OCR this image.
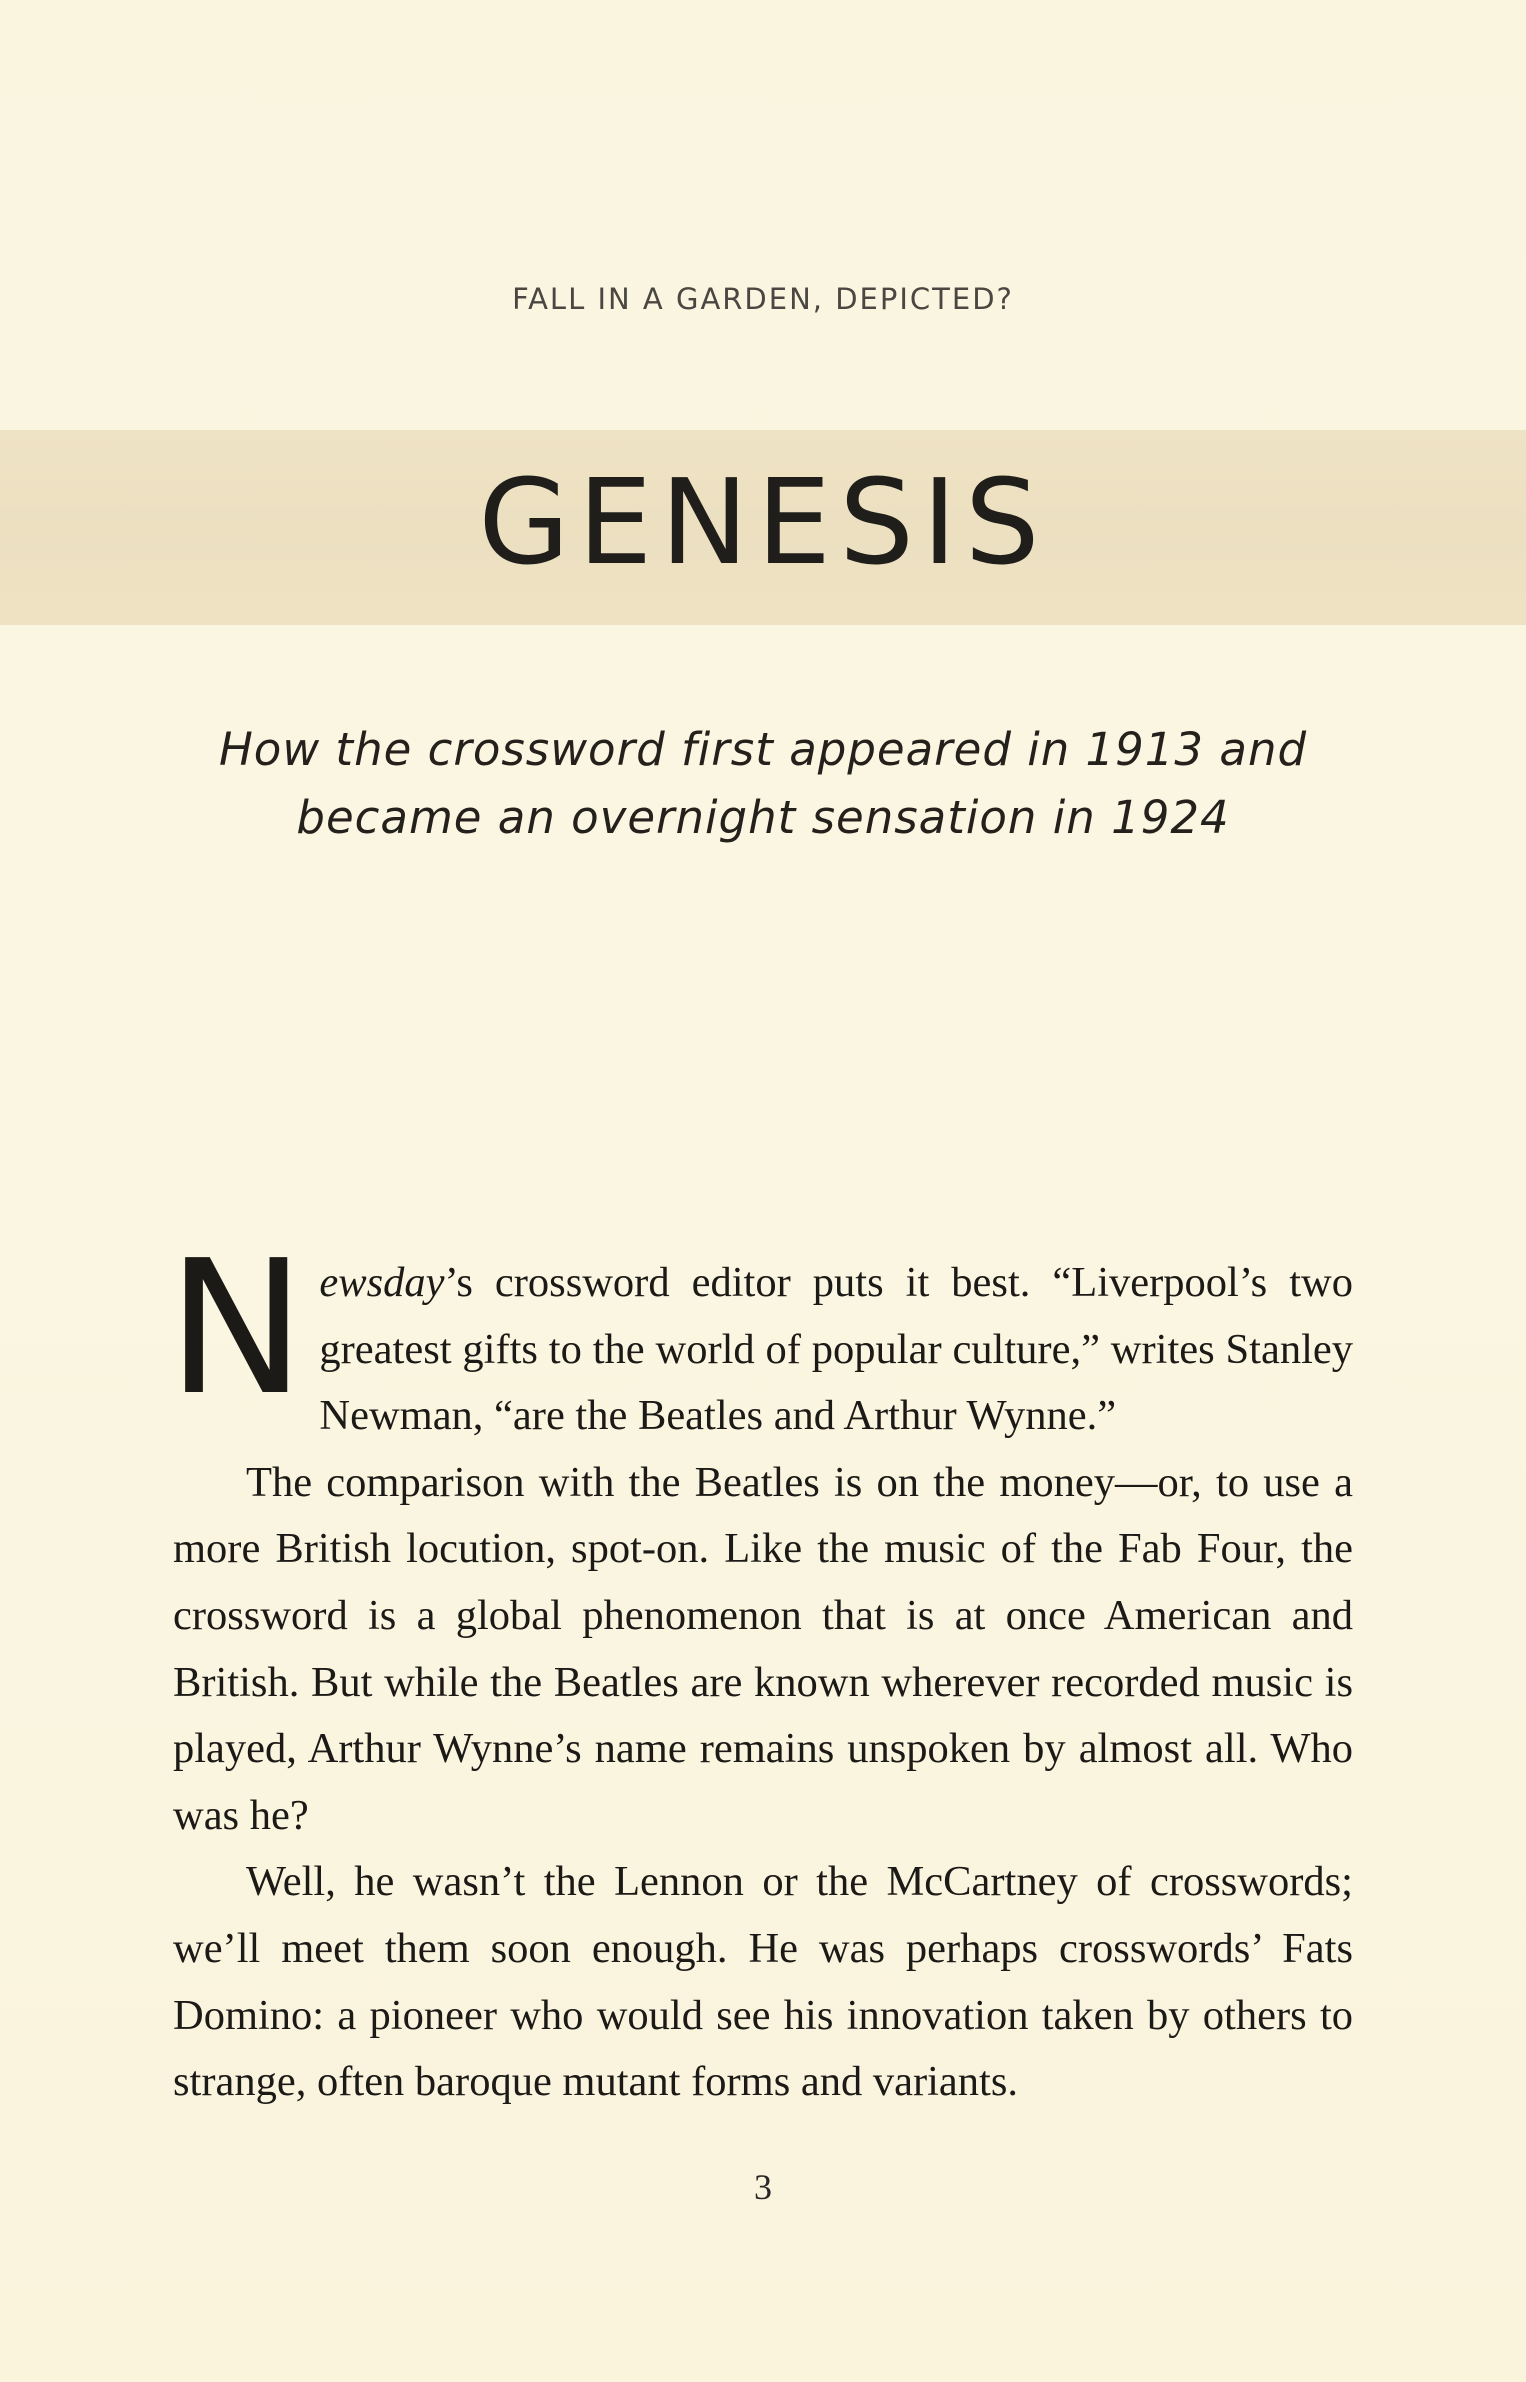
FALL IN A GARDEN, DEPICTED?
GENESIS
How the crossword first appeared in 1913 and became an overnight sensation in 1924

Newsday’s crossword editor puts it best. “Liverpool’s two greatest gifts to the world of popular culture,” writes Stanley Newman, “are the Beatles and Arthur Wynne.”

The comparison with the Beatles is on the money—or, to use a more British locution, spot-on. Like the music of the Fab Four, the crossword is a global phenomenon that is at once American and British. But while the Beatles are known wherever recorded music is played, Arthur Wynne’s name remains unspoken by almost all. Who was he?

Well, he wasn’t the Lennon or the McCartney of crosswords; we’ll meet them soon enough. He was perhaps crosswords’ Fats Domino: a pioneer who would see his innovation taken by others to strange, often baroque mutant forms and variants.

3
